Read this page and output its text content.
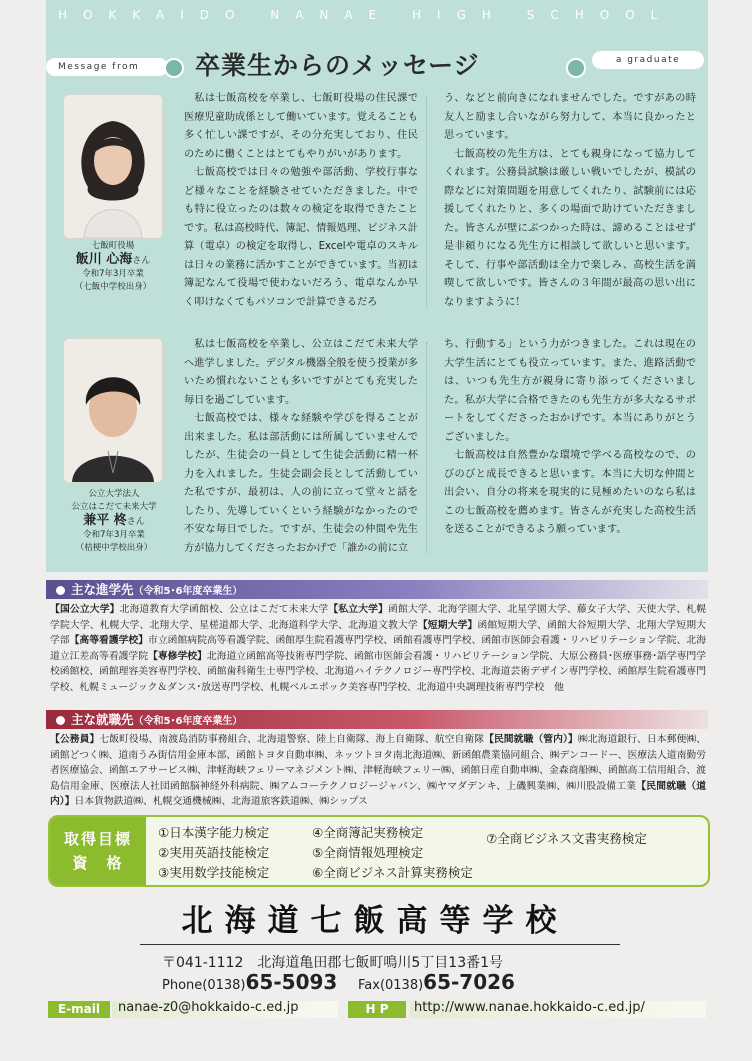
HOKKAIDO NANAE HIGH SCHOOL
Message from	卒業生からのメッセージ	a graduate
七飯町役場
飯川 心海さん
令和7年3月卒業
（七飯中学校出身）

私は七飯高校を卒業し、七飯町役場の住民課で医療児童助成係として働いています。覚えることも多く忙しい課ですが、その分充実しており、住民のために働くことはとてもやりがいがあります。

七飯高校では日々の勉強や部活動、学校行事など様々なことを経験させていただきました。中でも特に役立ったのは数々の検定を取得できたことです。私は高校時代、簿記、情報処理、ビジネス計算（電卓）の検定を取得し、Excelや電卓のスキルは日々の業務に活かすことができています。当初は簿記なんて役場で使わないだろう、電卓なんか早く叩けなくてもパソコンで計算できるだろ

う、などと前向きになれませんでした。ですがあの時友人と励まし合いながら努力して、本当に良かったと思っています。

七飯高校の先生方は、とても親身になって協力してくれます。公務員試験は厳しい戦いでしたが、模試の際などに対策問題を用意してくれたり、試験前には応援してくれたりと、多くの場面で助けていただきました。皆さんが壁にぶつかった時は、諦めることはせず是非頼りになる先生方に相談して欲しいと思います。そして、行事や部活動は全力で楽しみ、高校生活を満喫して欲しいです。皆さんの３年間が最高の思い出になりますように！

公立大学法人
公立はこだて未来大学
兼平 柊さん
令和7年3月卒業
（桔梗中学校出身）

私は七飯高校を卒業し、公立はこだて未来大学へ進学しました。デジタル機器全般を使う授業が多いため慣れないことも多いですがとても充実した毎日を過ごしています。

七飯高校では、様々な経験や学びを得ることが出来ました。私は部活動には所属していませんでしたが、生徒会の一員として生徒会活動に精一杯力を入れました。生徒会副会長として活動していた私ですが、最初は、人の前に立って堂々と話をしたり、先導していくという経験がなかったので不安な毎日でした。ですが、生徒会の仲間や先生方が協力してくださったおかげで「誰かの前に立

ち、行動する」という力がつきました。これは現在の大学生活にとても役立っています。また、進路活動では、いつも先生方が親身に寄り添ってくださいました。私が大学に合格できたのも先生方が多大なるサポートをしてくださったおかげです。本当にありがとうございました。

七飯高校は自然豊かな環境で学べる高校なので、のびのびと成長できると思います。本当に大切な仲間と出会い、自分の将来を現実的に見極めたいのなら私はこの七飯高校を薦めます。皆さんが充実した高校生活を送ることができるよう願っています。

主な進学先（令和5･6年度卒業生）
【国公立大学】北海道教育大学函館校、公立はこだて未来大学【私立大学】函館大学、北海学園大学、北星学園大学、藤女子大学、天使大学、札幌学院大学、札幌大学、北翔大学、星槎道都大学、北海道科学大学、北海道文教大学【短期大学】函館短期大学、函館大谷短期大学、北翔大学短期大学部【高等看護学校】市立函館病院高等看護学院、函館厚生院看護専門学校、函館看護専門学校、函館市医師会看護・リハビリテーション学院、北海道立江差高等看護学院【専修学校】北海道立函館高等技術専門学院、函館市医師会看護・リハビリテーション学院、大原公務員･医療事務･語学専門学校函館校、函館理容美容専門学校、函館歯科衛生士専門学校、北海道ハイテクノロジー専門学校、北海道芸術デザイン専門学校、函館厚生院看護専門学校、札幌ミュージック＆ダンス･放送専門学校、札幌ベルエポック美容専門学校、北海道中央調理技術専門学校　他
主な就職先（令和5･6年度卒業生）
【公務員】七飯町役場、南渡島消防事務組合、北海道警察、陸上自衛隊、海上自衛隊、航空自衛隊【民間就職（管内）】㈱北海道銀行、日本郵便㈱、函館どつく㈱、道南うみ街信用金庫本部、函館トヨタ自動車㈱、ネッツトヨタ南北海道㈱、新函館農業協同組合、㈱デンコードー、医療法人道南勤労者医療協会、函館エアサービス㈱、津軽海峡フェリーマネジメント㈱、津軽海峡フェリー㈱、函館日産自動車㈱、金森商船㈱、函館高工信用組合、渡島信用金庫、医療法人社団函館脳神経外科病院、㈱アムコーテクノロジージャパン、㈱ヤマダデンキ、上磯興業㈱、㈱川股設備工業【民間就職（道内）】日本貨物鉄道㈱、札幌交通機械㈱、北海道旅客鉄道㈱、㈱シップス
取得目標
資　格
①日本漢字能力検定
②実用英語技能検定
③実用数学技能検定
④全商簿記実務検定
⑤全商情報処理検定
⑥全商ビジネス計算実務検定
⑦全商ビジネス文書実務検定
北海道七飯高等学校
〒041-1112　北海道亀田郡七飯町鳴川5丁目13番1号
Phone(0138)65-5093 Fax(0138)65-7026
E-mail	nanae-z0@hokkaido-c.ed.jp	H P	http://www.nanae.hokkaido-c.ed.jp/
